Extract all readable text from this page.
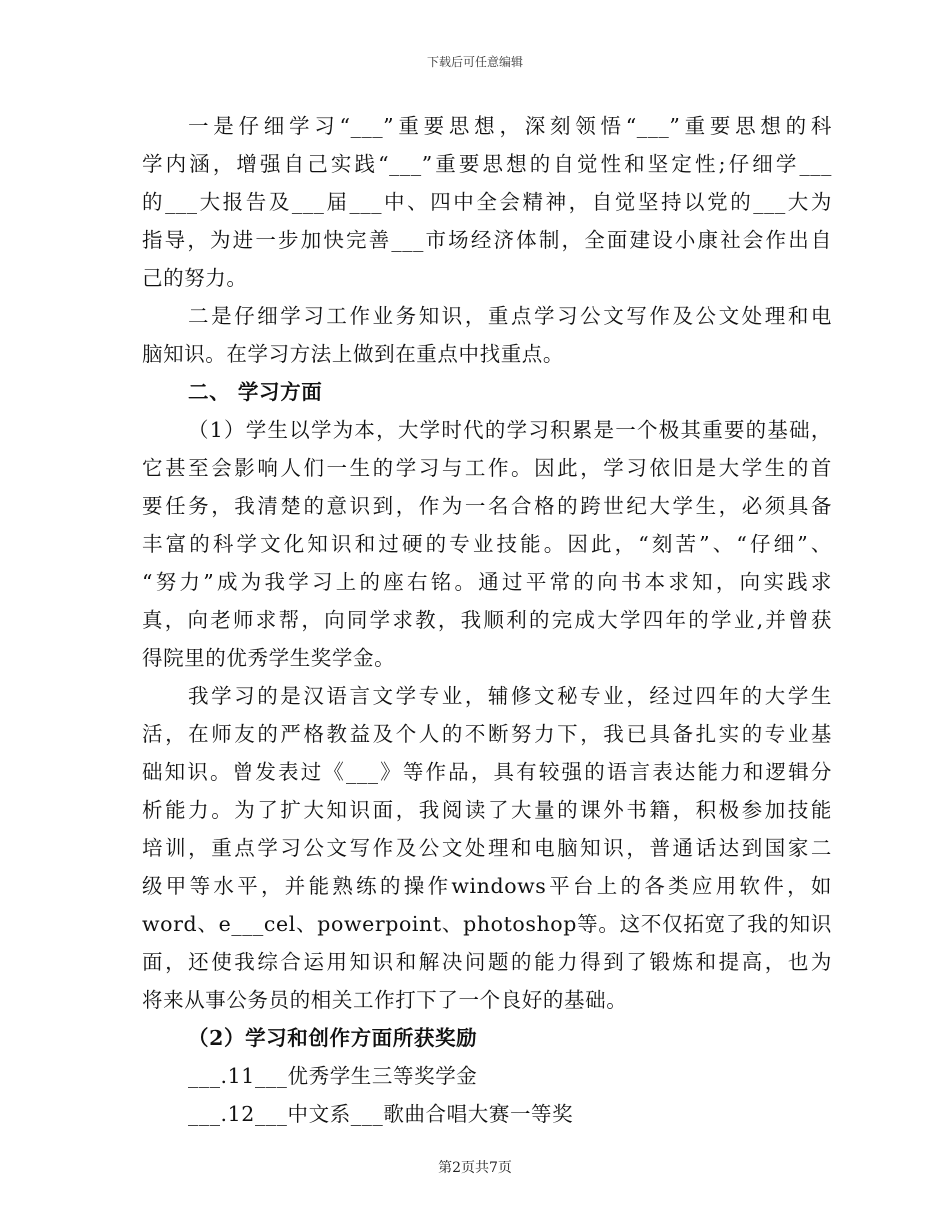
下载后可任意编辑
一是仔细学习“___”重要思想，深刻领悟“___”重要思想的科
学内涵，增强自己实践“___”重要思想的自觉性和坚定性;仔细学___
的___大报告及___届___中、四中全会精神，自觉坚持以党的___大为
指导，为进一步加快完善___市场经济体制，全面建设小康社会作出自
己的努力。
二是仔细学习工作业务知识，重点学习公文写作及公文处理和电
脑知识。在学习方法上做到在重点中找重点。
二、 学习方面
（1）学生以学为本，大学时代的学习积累是一个极其重要的基础，
它甚至会影响人们一生的学习与工作。因此，学习依旧是大学生的首
要任务，我清楚的意识到，作为一名合格的跨世纪大学生，必须具备
丰富的科学文化知识和过硬的专业技能。因此，“刻苦”、“仔细”、
“努力”成为我学习上的座右铭。通过平常的向书本求知，向实践求
真，向老师求帮，向同学求教，我顺利的完成大学四年的学业,并曾获
得院里的优秀学生奖学金。
我学习的是汉语言文学专业，辅修文秘专业，经过四年的大学生
活，在师友的严格教益及个人的不断努力下，我已具备扎实的专业基
础知识。曾发表过《___》等作品，具有较强的语言表达能力和逻辑分
析能力。为了扩大知识面，我阅读了大量的课外书籍，积极参加技能
培训，重点学习公文写作及公文处理和电脑知识，普通话达到国家二
级甲等水平，并能熟练的操作windows平台上的各类应用软件，如
word、e___cel、powerpoint、photoshop等。这不仅拓宽了我的知识
面，还使我综合运用知识和解决问题的能力得到了锻炼和提高，也为
将来从事公务员的相关工作打下了一个良好的基础。
（2）学习和创作方面所获奖励
___.11___优秀学生三等奖学金
___.12___中文系___歌曲合唱大赛一等奖
第2页共7页
